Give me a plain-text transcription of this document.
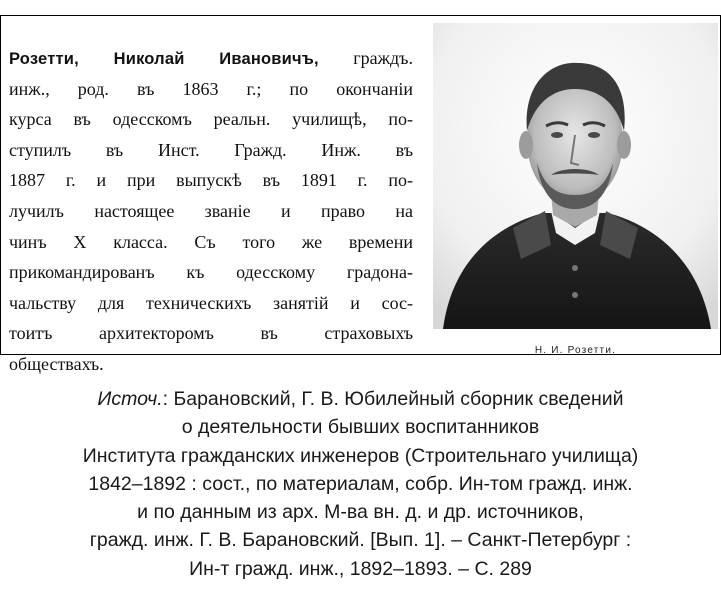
Розетти, Николай Ивановичъ, граждъ.
инж., род. въ 1863 г.; по окончаніи
курса въ одесскомъ реальн. училищѣ, по-
ступилъ въ Инст. Гражд. Инж. въ
1887 г. и при выпускѣ въ 1891 г. по-
лучилъ настоящее званіе и право на
чинъ X класса. Съ того же времени
прикомандированъ къ одесскому градона-
чальству для техническихъ занятій и сос-
тоитъ архитекторомъ въ страховыхъ
обществахъ.
Н. И. Розетти.
Источ.: Барановский, Г. В. Юбилейный сборник сведений
о деятельности бывших воспитанников
Института гражданских инженеров (Строительнаго училища)
1842–1892 : сост., по материалам, собр. Ин-том гражд. инж.
и по данным из арх. М-ва вн. д. и др. источников,
гражд. инж. Г. В. Барановский. [Вып. 1]. – Санкт-Петербург :
Ин-т гражд. инж., 1892–1893. – С. 289
